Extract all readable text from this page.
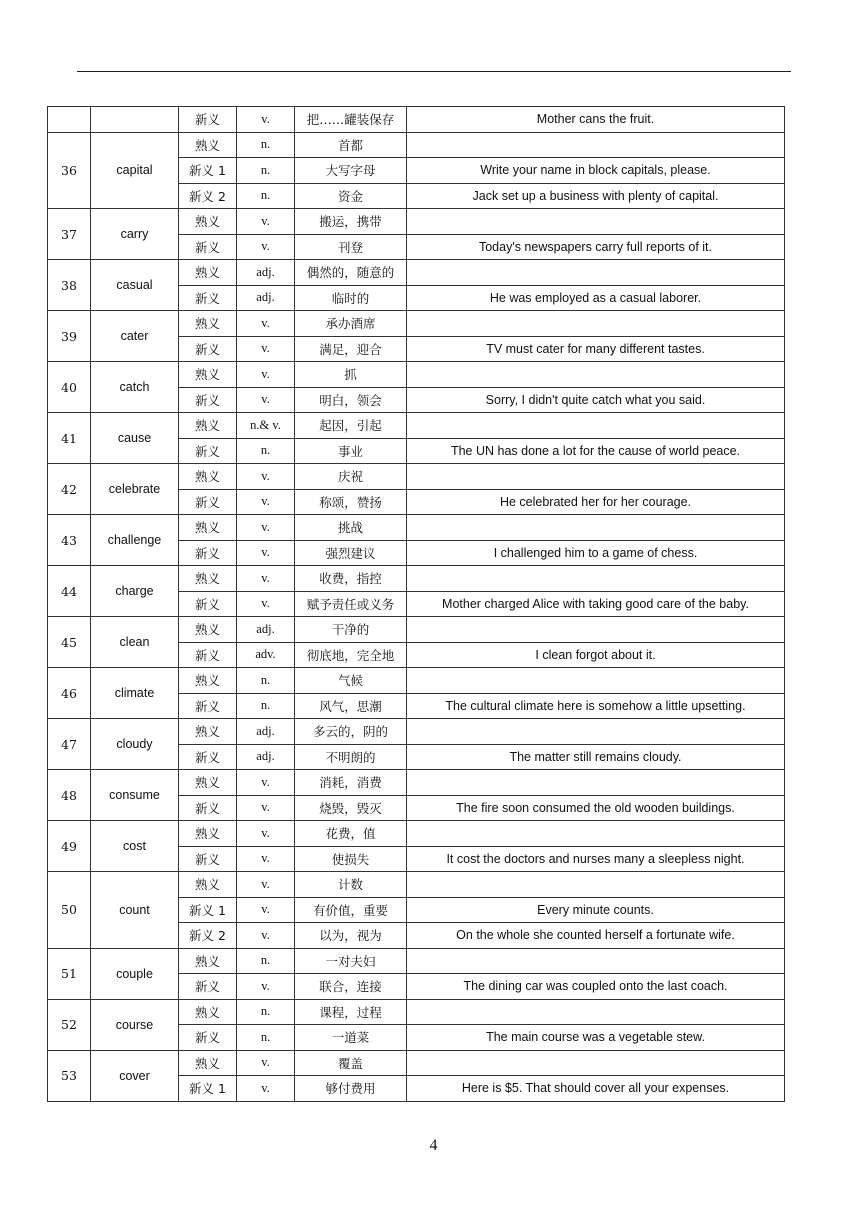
		新义	v.	把……罐装保存	Mother cans the fruit.
36	capital	熟义	n.	首都	
		新义 1	n.	大写字母	Write your name in block capitals, please.
		新义 2	n.	资金	Jack set up a business with plenty of capital.
37	carry	熟义	v.	搬运，携带	
		新义	v.	刊登	Today's newspapers carry full reports of it.
38	casual	熟义	adj.	偶然的，随意的	
		新义	adj.	临时的	He was employed as a casual laborer.
39	cater	熟义	v.	承办酒席	
		新义	v.	满足，迎合	TV must cater for many different tastes.
40	catch	熟义	v.	抓	
		新义	v.	明白，领会	Sorry, I didn't quite catch what you said.
41	cause	熟义	n.& v.	起因，引起	
		新义	n.	事业	The UN has done a lot for the cause of world peace.
42	celebrate	熟义	v.	庆祝	
		新义	v.	称颂，赞扬	He celebrated her for her courage.
43	challenge	熟义	v.	挑战	
		新义	v.	强烈建议	I challenged him to a game of chess.
44	charge	熟义	v.	收费，指控	
		新义	v.	赋予责任或义务	Mother charged Alice with taking good care of the baby.
45	clean	熟义	adj.	干净的	
		新义	adv.	彻底地，完全地	I clean forgot about it.
46	climate	熟义	n.	气候	
		新义	n.	风气，思潮	The cultural climate here is somehow a little upsetting.
47	cloudy	熟义	adj.	多云的，阴的	
		新义	adj.	不明朗的	The matter still remains cloudy.
48	consume	熟义	v.	消耗，消费	
		新义	v.	烧毁，毁灭	The fire soon consumed the old wooden buildings.
49	cost	熟义	v.	花费，值	
		新义	v.	使损失	It cost the doctors and nurses many a sleepless night.
50	count	熟义	v.	计数	
		新义 1	v.	有价值，重要	Every minute counts.
		新义 2	v.	以为，视为	On the whole she counted herself a fortunate wife.
51	couple	熟义	n.	一对夫妇	
		新义	v.	联合，连接	The dining car was coupled onto the last coach.
52	course	熟义	n.	课程，过程	
		新义	n.	一道菜	The main course was a vegetable stew.
53	cover	熟义	v.	覆盖	
		新义 1	v.	够付费用	Here is $5. That should cover all your expenses.
4
